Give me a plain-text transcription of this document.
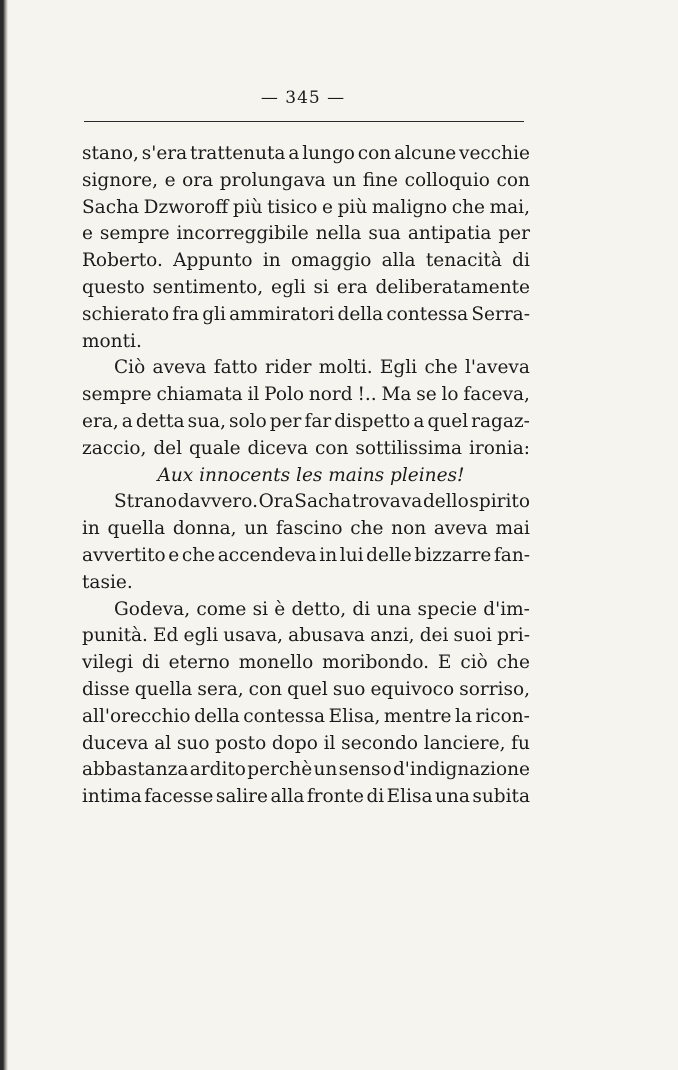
— 345 —
stano, s'era trattenuta a lungo con alcune vecchie
signore, e ora prolungava un fine colloquio con
Sacha Dzworoff più tisico e più maligno che mai,
e sempre incorreggibile nella sua antipatia per
Roberto. Appunto in omaggio alla tenacità di
questo sentimento, egli si era deliberatamente
schierato fra gli ammiratori della contessa Serra-
monti.
Ciò aveva fatto rider molti. Egli che l'aveva
sempre chiamata il Polo nord !.. Ma se lo faceva,
era, a detta sua, solo per far dispetto a quel ragaz-
zaccio, del quale diceva con sottilissima ironia:
Aux innocents les mains pleines!
Strano davvero. Ora Sacha trovava dello spirito
in quella donna, un fascino che non aveva mai
avvertito e che accendeva in lui delle bizzarre fan-
tasie.
Godeva, come si è detto, di una specie d'im-
punità. Ed egli usava, abusava anzi, dei suoi pri-
vilegi di eterno monello moribondo. E ciò che
disse quella sera, con quel suo equivoco sorriso,
all'orecchio della contessa Elisa, mentre la ricon-
duceva al suo posto dopo il secondo lanciere, fu
abbastanza ardito perchè un senso d'indignazione
intima facesse salire alla fronte di Elisa una subita
